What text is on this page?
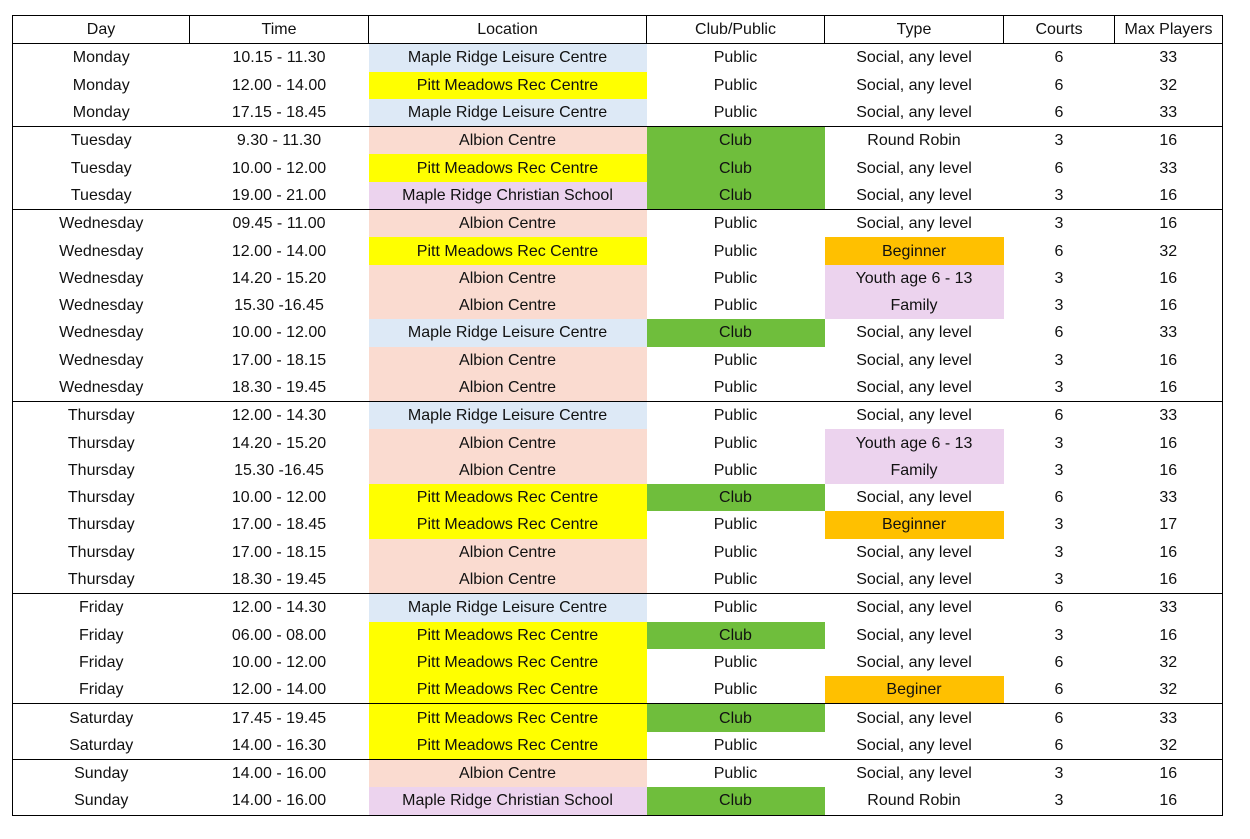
Day	Time	Location	Club/Public	Type	Courts	Max Players
Monday	10.15 - 11.30	Maple Ridge Leisure Centre	Public	Social, any level	6	33
Monday	12.00 - 14.00	Pitt Meadows Rec Centre	Public	Social, any level	6	32
Monday	17.15 - 18.45	Maple Ridge Leisure Centre	Public	Social, any level	6	33
Tuesday	9.30 - 11.30	Albion Centre	Club	Round Robin	3	16
Tuesday	10.00 - 12.00	Pitt Meadows Rec Centre	Club	Social, any level	6	33
Tuesday	19.00 - 21.00	Maple Ridge Christian School	Club	Social, any level	3	16
Wednesday	09.45 - 11.00	Albion Centre	Public	Social, any level	3	16
Wednesday	12.00 - 14.00	Pitt Meadows Rec Centre	Public	Beginner	6	32
Wednesday	14.20 - 15.20	Albion Centre	Public	Youth age 6 - 13	3	16
Wednesday	15.30 -16.45	Albion Centre	Public	Family	3	16
Wednesday	10.00 - 12.00	Maple Ridge Leisure Centre	Club	Social, any level	6	33
Wednesday	17.00 - 18.15	Albion Centre	Public	Social, any level	3	16
Wednesday	18.30 - 19.45	Albion Centre	Public	Social, any level	3	16
Thursday	12.00 - 14.30	Maple Ridge Leisure Centre	Public	Social, any level	6	33
Thursday	14.20 - 15.20	Albion Centre	Public	Youth age 6 - 13	3	16
Thursday	15.30 -16.45	Albion Centre	Public	Family	3	16
Thursday	10.00 - 12.00	Pitt Meadows Rec Centre	Club	Social, any level	6	33
Thursday	17.00 - 18.45	Pitt Meadows Rec Centre	Public	Beginner	3	17
Thursday	17.00 - 18.15	Albion Centre	Public	Social, any level	3	16
Thursday	18.30 - 19.45	Albion Centre	Public	Social, any level	3	16
Friday	12.00 - 14.30	Maple Ridge Leisure Centre	Public	Social, any level	6	33
Friday	06.00 - 08.00	Pitt Meadows Rec Centre	Club	Social, any level	3	16
Friday	10.00 - 12.00	Pitt Meadows Rec Centre	Public	Social, any level	6	32
Friday	12.00 - 14.00	Pitt Meadows Rec Centre	Public	Beginer	6	32
Saturday	17.45 - 19.45	Pitt Meadows Rec Centre	Club	Social, any level	6	33
Saturday	14.00 - 16.30	Pitt Meadows Rec Centre	Public	Social, any level	6	32
Sunday	14.00 - 16.00	Albion Centre	Public	Social, any level	3	16
Sunday	14.00 - 16.00	Maple Ridge Christian School	Club	Round Robin	3	16
